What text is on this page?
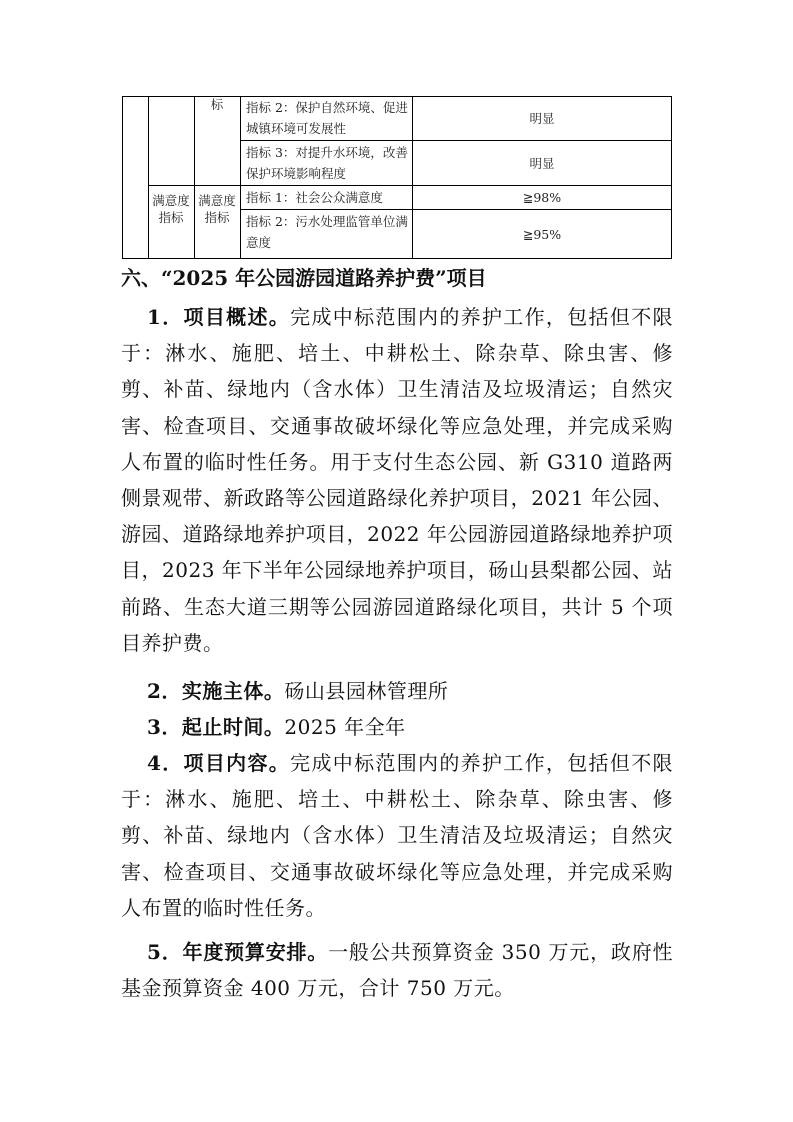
标	指标 2：保护自然环境、促进城镇环境可发展性
明显
指标 3：对提升水环境，改善保护环境影响程度
明显
满意度指标
满意度指标
指标 1：社会公众满意度	≧98%
指标 2：污水处理监管单位满意度
≧95%
六、“2025 年公园游园道路养护费”项目
1．项目概述。完成中标范围内的养护工作，包括但不限于：淋水、施肥、培土、中耕松土、除杂草、除虫害、修剪、补苗、绿地内（含水体）卫生清洁及垃圾清运；自然灾害、检查项目、交通事故破坏绿化等应急处理，并完成采购人布置的临时性任务。用于支付生态公园、新 G310 道路两侧景观带、新政路等公园道路绿化养护项目，2021 年公园、游园、道路绿地养护项目，2022 年公园游园道路绿地养护项目，2023 年下半年公园绿地养护项目，砀山县梨都公园、站前路、生态大道三期等公园游园道路绿化项目，共计 5 个项目养护费。
2．实施主体。砀山县园林管理所
3．起止时间。2025 年全年
4．项目内容。完成中标范围内的养护工作，包括但不限于：淋水、施肥、培土、中耕松土、除杂草、除虫害、修剪、补苗、绿地内（含水体）卫生清洁及垃圾清运；自然灾害、检查项目、交通事故破坏绿化等应急处理，并完成采购人布置的临时性任务。
5．年度预算安排。一般公共预算资金 350 万元，政府性基金预算资金 400 万元，合计 750 万元。
